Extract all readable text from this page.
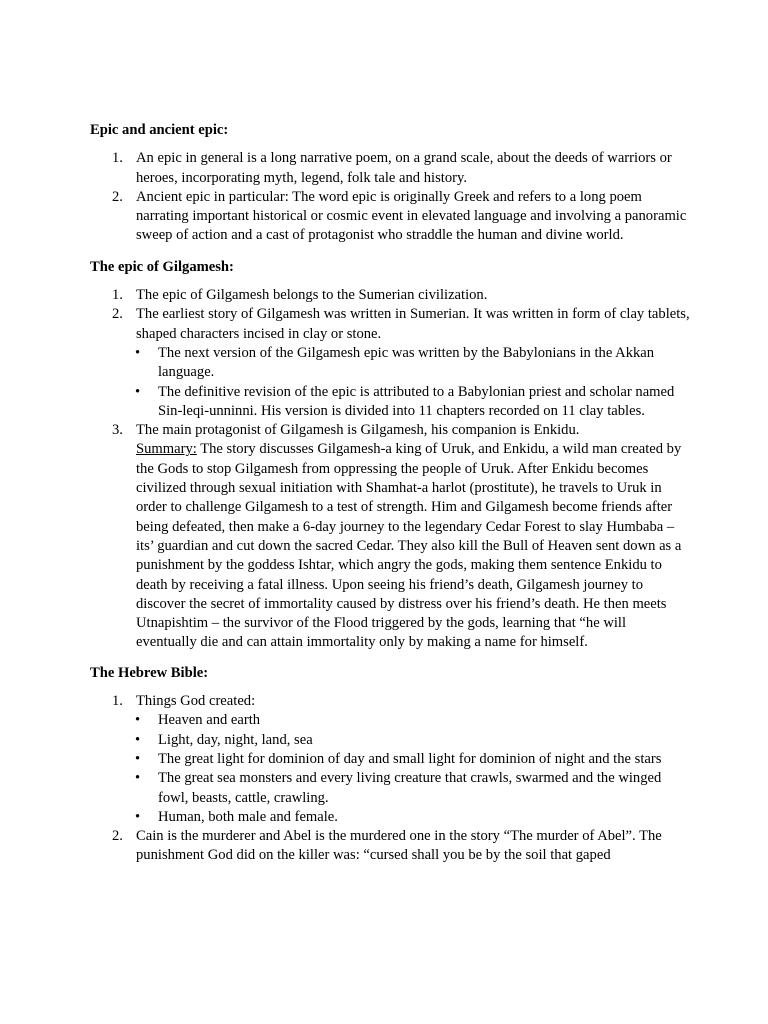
Epic and ancient epic:
1. An epic in general is a long narrative poem, on a grand scale, about the deeds of warriors or heroes, incorporating myth, legend, folk tale and history.
2. Ancient epic in particular: The word epic is originally Greek and refers to a long poem narrating important historical or cosmic event in elevated language and involving a panoramic sweep of action and a cast of protagonist who straddle the human and divine world.
The epic of Gilgamesh:
1. The epic of Gilgamesh belongs to the Sumerian civilization.
2. The earliest story of Gilgamesh was written in Sumerian. It was written in form of clay tablets, shaped characters incised in clay or stone.
• The next version of the Gilgamesh epic was written by the Babylonians in the Akkan language.
• The definitive revision of the epic is attributed to a Babylonian priest and scholar named Sin-leqi-unninni. His version is divided into 11 chapters recorded on 11 clay tables.
3. The main protagonist of Gilgamesh is Gilgamesh, his companion is Enkidu.
Summary: The story discusses Gilgamesh-a king of Uruk, and Enkidu, a wild man created by the Gods to stop Gilgamesh from oppressing the people of Uruk. After Enkidu becomes civilized through sexual initiation with Shamhat-a harlot (prostitute), he travels to Uruk in order to challenge Gilgamesh to a test of strength. Him and Gilgamesh become friends after being defeated, then make a 6-day journey to the legendary Cedar Forest to slay Humbaba – its’ guardian and cut down the sacred Cedar. They also kill the Bull of Heaven sent down as a punishment by the goddess Ishtar, which angry the gods, making them sentence Enkidu to death by receiving a fatal illness. Upon seeing his friend’s death, Gilgamesh journey to discover the secret of immortality caused by distress over his friend’s death. He then meets Utnapishtim – the survivor of the Flood triggered by the gods, learning that “he will eventually die and can attain immortality only by making a name for himself.
The Hebrew Bible:
1. Things God created:
• Heaven and earth
• Light, day, night, land, sea
• The great light for dominion of day and small light for dominion of night and the stars
• The great sea monsters and every living creature that crawls, swarmed and the winged fowl, beasts, cattle, crawling.
• Human, both male and female.
2. Cain is the murderer and Abel is the murdered one in the story “The murder of Abel”. The punishment God did on the killer was: “cursed shall you be by the soil that gaped
